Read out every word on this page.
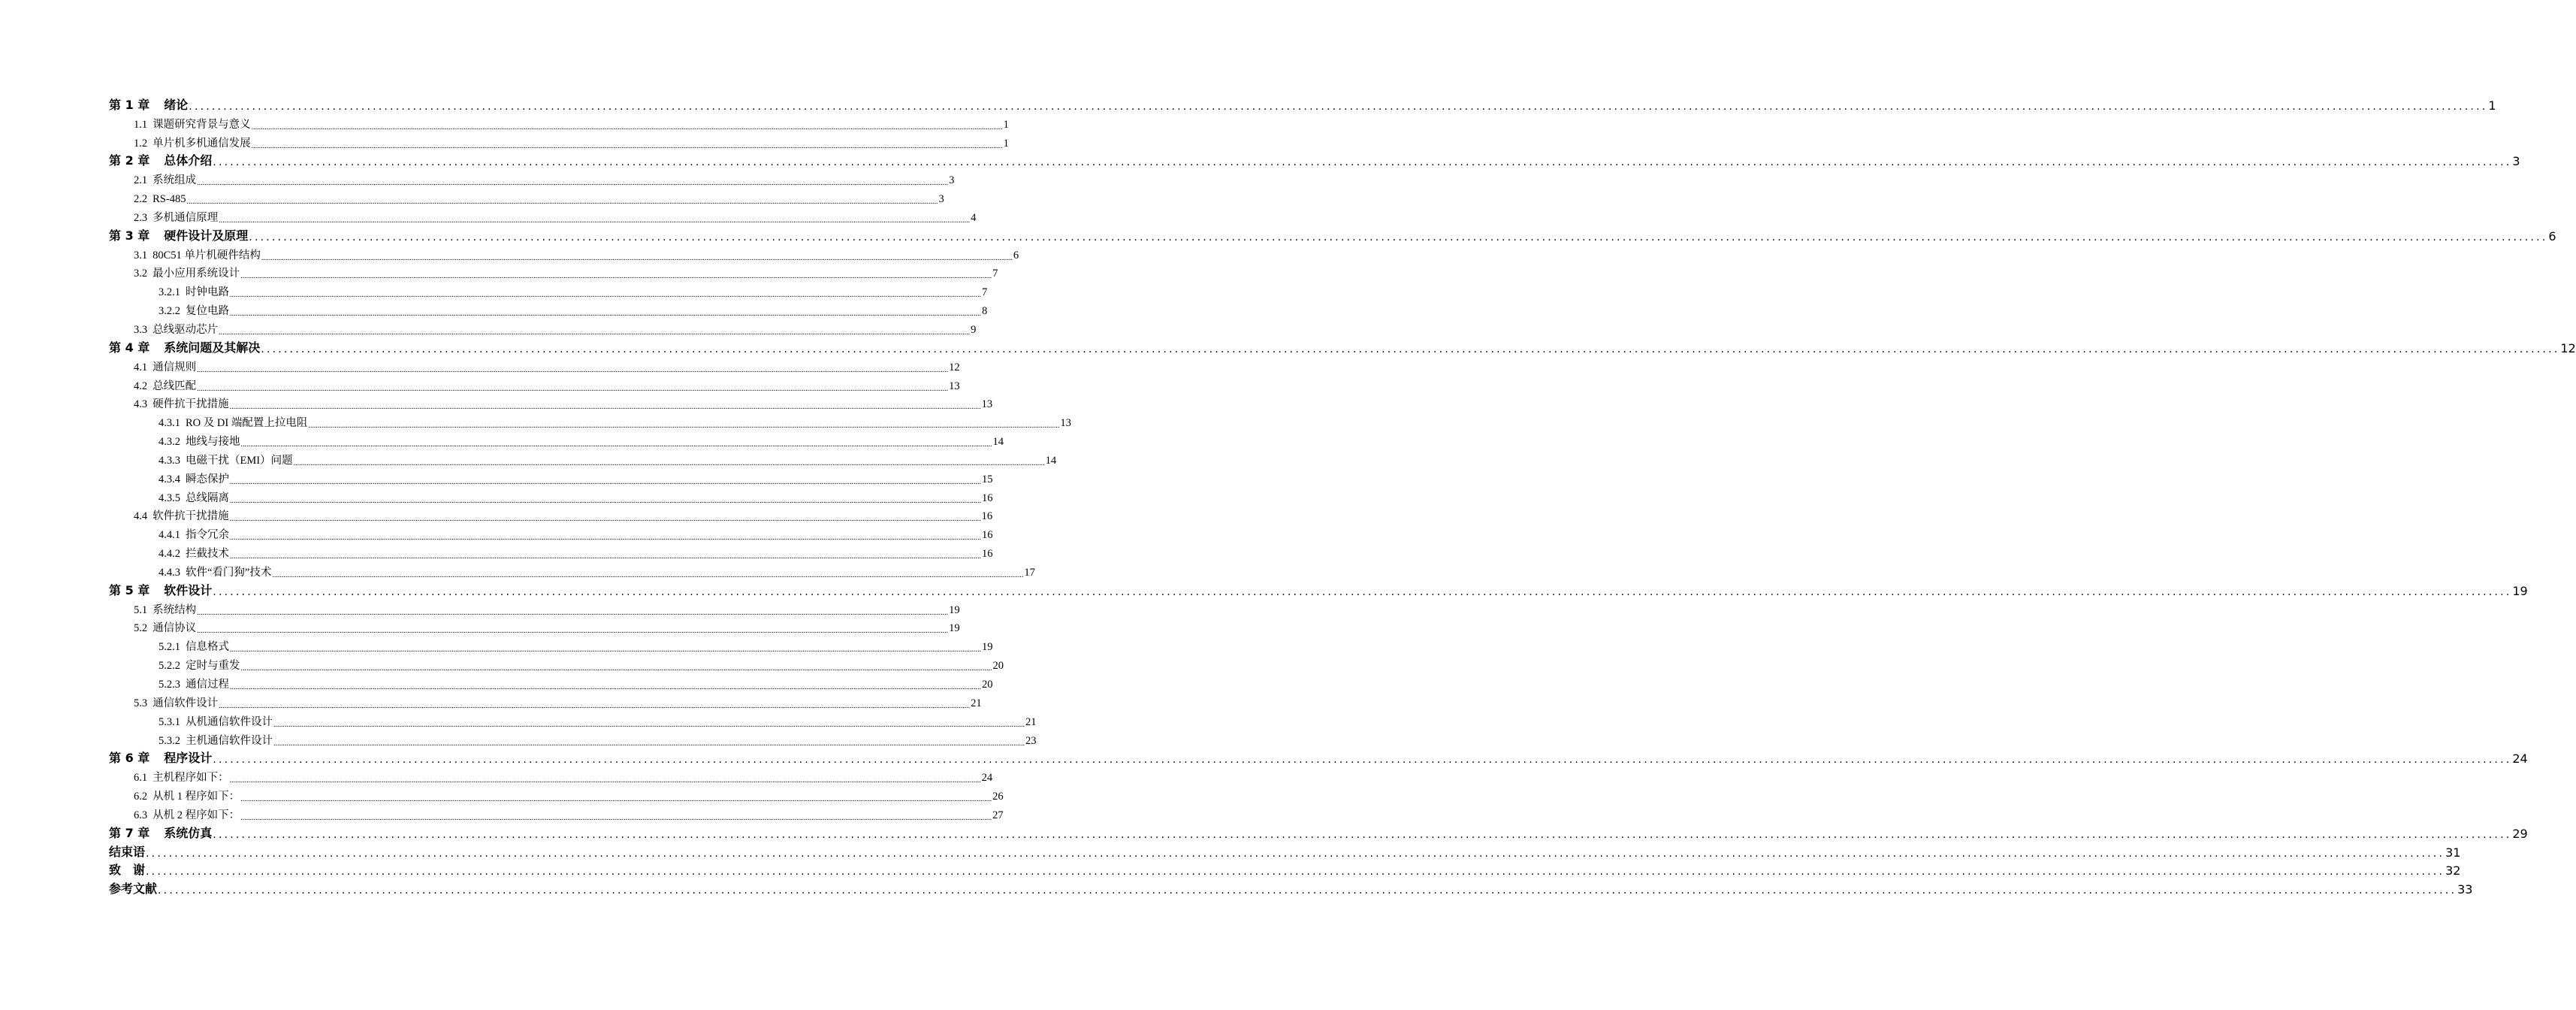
第 1 章 绪论 ................................................................................................................................................................................................................................................................................................................................................................................................................ 1
1.1 课题研究背景与意义 ................................................................................................................................................................................................................................................................................................................................................................................................................ 1
1.2 单片机多机通信发展 ................................................................................................................................................................................................................................................................................................................................................................................................................ 1
第 2 章 总体介绍 ................................................................................................................................................................................................................................................................................................................................................................................................................ 3
2.1 系统组成 ................................................................................................................................................................................................................................................................................................................................................................................................................ 3
2.2 RS-485 ................................................................................................................................................................................................................................................................................................................................................................................................................ 3
2.3 多机通信原理 ................................................................................................................................................................................................................................................................................................................................................................................................................ 4
第 3 章 硬件设计及原理 ................................................................................................................................................................................................................................................................................................................................................................................................................ 6
3.1 80C51 单片机硬件结构 ................................................................................................................................................................................................................................................................................................................................................................................................................ 6
3.2 最小应用系统设计 ................................................................................................................................................................................................................................................................................................................................................................................................................ 7
3.2.1 时钟电路 ................................................................................................................................................................................................................................................................................................................................................................................................................ 7
3.2.2 复位电路 ................................................................................................................................................................................................................................................................................................................................................................................................................ 8
3.3 总线驱动芯片 ................................................................................................................................................................................................................................................................................................................................................................................................................ 9
第 4 章 系统问题及其解决 ................................................................................................................................................................................................................................................................................................................................................................................................................ 12
4.1 通信规则 ................................................................................................................................................................................................................................................................................................................................................................................................................ 12
4.2 总线匹配 ................................................................................................................................................................................................................................................................................................................................................................................................................ 13
4.3 硬件抗干扰措施 ................................................................................................................................................................................................................................................................................................................................................................................................................ 13
4.3.1 RO 及 DI 端配置上拉电阻 ................................................................................................................................................................................................................................................................................................................................................................................................................ 13
4.3.2 地线与接地 ................................................................................................................................................................................................................................................................................................................................................................................................................ 14
4.3.3 电磁干扰（EMI）问题 ................................................................................................................................................................................................................................................................................................................................................................................................................ 14
4.3.4 瞬态保护 ................................................................................................................................................................................................................................................................................................................................................................................................................ 15
4.3.5 总线隔离 ................................................................................................................................................................................................................................................................................................................................................................................................................ 16
4.4 软件抗干扰措施 ................................................................................................................................................................................................................................................................................................................................................................................................................ 16
4.4.1 指令冗余 ................................................................................................................................................................................................................................................................................................................................................................................................................ 16
4.4.2 拦截技术 ................................................................................................................................................................................................................................................................................................................................................................................................................ 16
4.4.3 软件“看门狗”技术 ................................................................................................................................................................................................................................................................................................................................................................................................................ 17
第 5 章 软件设计 ................................................................................................................................................................................................................................................................................................................................................................................................................ 19
5.1 系统结构 ................................................................................................................................................................................................................................................................................................................................................................................................................ 19
5.2 通信协议 ................................................................................................................................................................................................................................................................................................................................................................................................................ 19
5.2.1 信息格式 ................................................................................................................................................................................................................................................................................................................................................................................................................ 19
5.2.2 定时与重发 ................................................................................................................................................................................................................................................................................................................................................................................................................ 20
5.2.3 通信过程 ................................................................................................................................................................................................................................................................................................................................................................................................................ 20
5.3 通信软件设计 ................................................................................................................................................................................................................................................................................................................................................................................................................ 21
5.3.1 从机通信软件设计 ................................................................................................................................................................................................................................................................................................................................................................................................................ 21
5.3.2 主机通信软件设计 ................................................................................................................................................................................................................................................................................................................................................................................................................ 23
第 6 章 程序设计 ................................................................................................................................................................................................................................................................................................................................................................................................................ 24
6.1 主机程序如下： ................................................................................................................................................................................................................................................................................................................................................................................................................ 24
6.2 从机 1 程序如下： ................................................................................................................................................................................................................................................................................................................................................................................................................ 26
6.3 从机 2 程序如下： ................................................................................................................................................................................................................................................................................................................................................................................................................ 27
第 7 章 系统仿真 ................................................................................................................................................................................................................................................................................................................................................................................................................ 29
结束语 ................................................................................................................................................................................................................................................................................................................................................................................................................ 31
致　谢 ................................................................................................................................................................................................................................................................................................................................................................................................................ 32
参考文献 ................................................................................................................................................................................................................................................................................................................................................................................................................ 33
